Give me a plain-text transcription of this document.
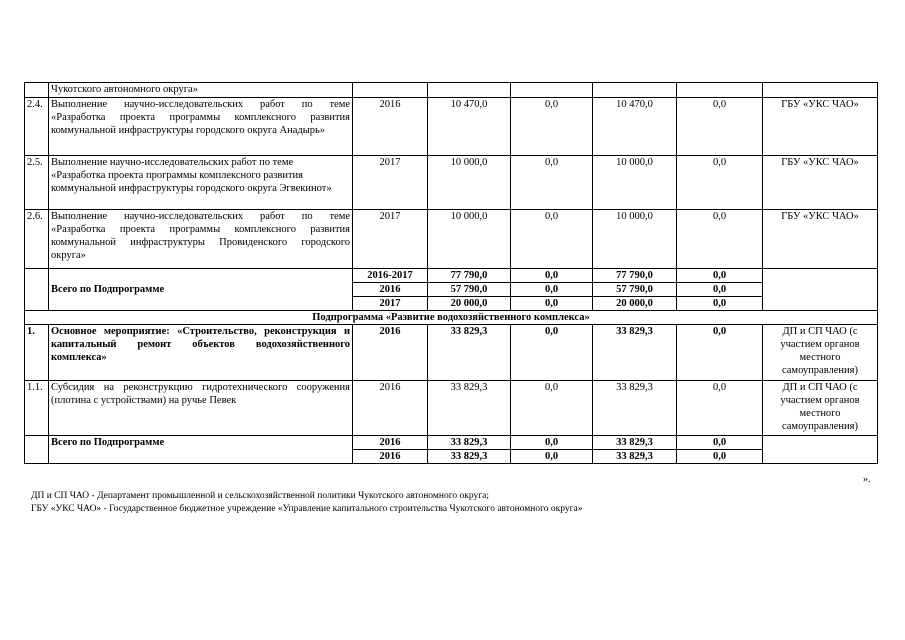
	Чукотского автономного округа»						
2.4.	Выполнение научно-исследовательских работ по теме «Разработка проекта программы комплексного развития коммунальной инфраструктуры городского округа Анадырь»	2016	10 470,0	0,0	10 470,0	0,0	ГБУ «УКС ЧАО»
2.5.	Выполнение научно-исследовательских работ по теме «Разработка проекта программы комплексного развития коммунальной инфраструктуры городского округа Эгвекинот»	2017	10 000,0	0,0	10 000,0	0,0	ГБУ «УКС ЧАО»
2.6.	Выполнение научно-исследовательских работ по теме «Разработка проекта программы комплексного развития коммунальной инфраструктуры Провиденского городского округа»	2017	10 000,0	0,0	10 000,0	0,0	ГБУ «УКС ЧАО»
	Всего по Подпрограмме	2016-2017	77 790,0	0,0	77 790,0	0,0	
		2016	57 790,0	0,0	57 790,0	0,0	
		2017	20 000,0	0,0	20 000,0	0,0	
Подпрограмма «Развитие водохозяйственного комплекса»							
1.	Основное мероприятие: «Строительство, реконструкция и капитальный ремонт объектов водохозяйственного комплекса»	2016	33 829,3	0,0	33 829,3	0,0	ДП и СП ЧАО (с участием органов местного самоуправления)
1.1.	Субсидия на реконструкцию гидротехнического сооружения (плотина с устройствами) на ручье Певек	2016	33 829,3	0,0	33 829,3	0,0	ДП и СП ЧАО (с участием органов местного самоуправления)
	Всего по Подпрограмме	2016	33 829,3	0,0	33 829,3	0,0	
		2016	33 829,3	0,0	33 829,3	0,0	
».
ДП и СП ЧАО - Департамент промышленной и сельскохозяйственной политики Чукотского автономного округа;
ГБУ «УКС ЧАО» - Государственное бюджетное учреждение «Управление капитального строительства Чукотского автономного округа»
